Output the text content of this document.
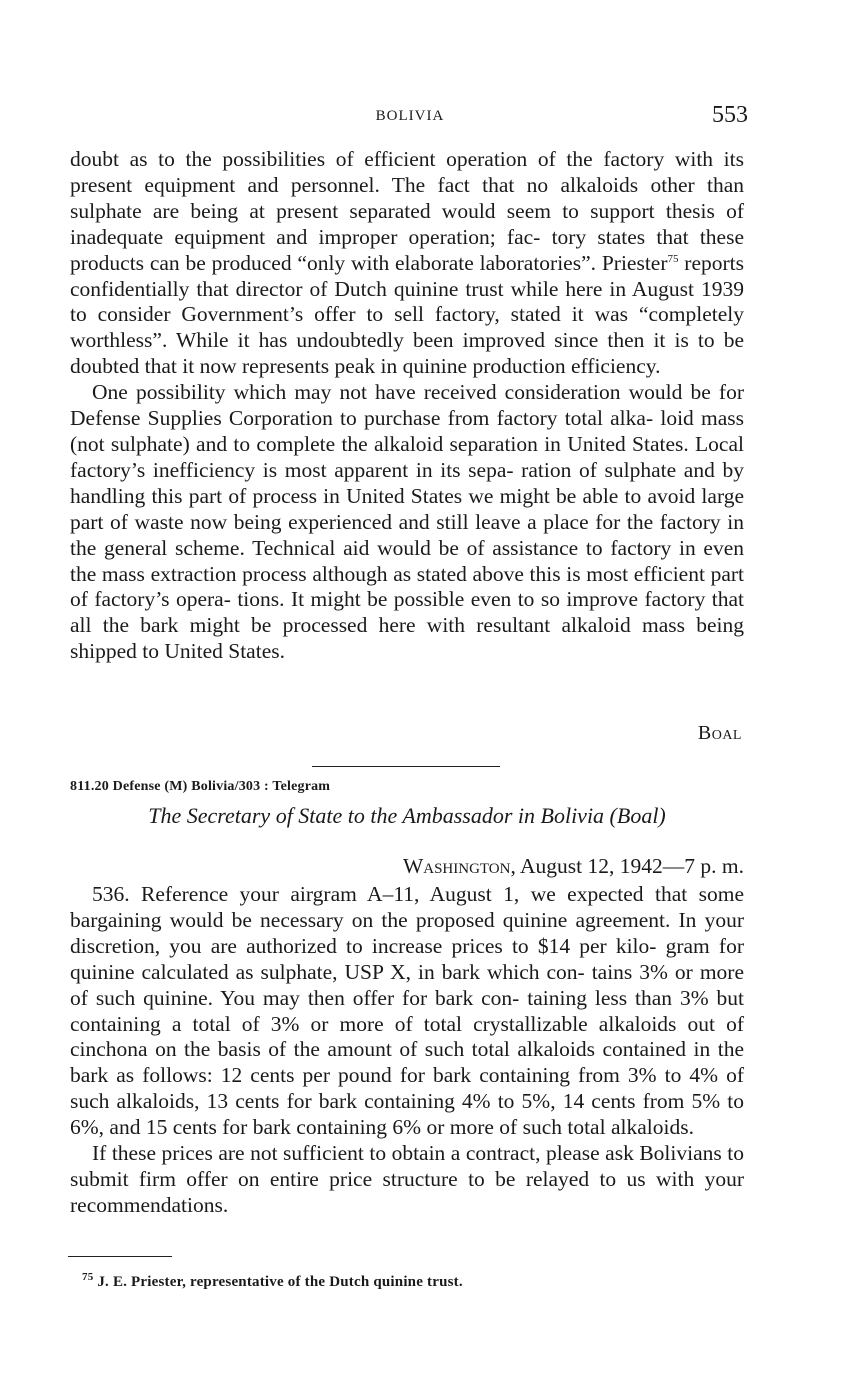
BOLIVIA	553

doubt as to the possibilities of efficient operation of the factory with its present equipment and personnel. The fact that no alkaloids other than sulphate are being at present separated would seem to support thesis of inadequate equipment and improper operation; fac- tory states that these products can be produced “only with elaborate laboratories”. Priester$^{75}$ reports confidentially that director of Dutch quinine trust while here in August 1939 to consider Government’s offer to sell factory, stated it was “completely worthless”. While it has undoubtedly been improved since then it is to be doubted that it now represents peak in quinine production efficiency.

One possibility which may not have received consideration would be for Defense Supplies Corporation to purchase from factory total alka- loid mass (not sulphate) and to complete the alkaloid separation in United States. Local factory’s inefficiency is most apparent in its sepa- ration of sulphate and by handling this part of process in United States we might be able to avoid large part of waste now being experienced and still leave a place for the factory in the general scheme. Technical aid would be of assistance to factory in even the mass extraction process although as stated above this is most efficient part of factory’s opera- tions. It might be possible even to so improve factory that all the bark might be processed here with resultant alkaloid mass being shipped to United States.

Boal
811.20 Defense (M) Bolivia/303 : Telegram
The Secretary of State to the Ambassador in Bolivia (Boal)
Washington, August 12, 1942—7 p. m.

536. Reference your airgram A–11, August 1, we expected that some bargaining would be necessary on the proposed quinine agreement. In your discretion, you are authorized to increase prices to $14 per kilo- gram for quinine calculated as sulphate, USP X, in bark which con- tains 3% or more of such quinine. You may then offer for bark con- taining less than 3% but containing a total of 3% or more of total crystallizable alkaloids out of cinchona on the basis of the amount of such total alkaloids contained in the bark as follows: 12 cents per pound for bark containing from 3% to 4% of such alkaloids, 13 cents for bark containing 4% to 5%, 14 cents from 5% to 6%, and 15 cents for bark containing 6% or more of such total alkaloids.

If these prices are not sufficient to obtain a contract, please ask Bolivians to submit firm offer on entire price structure to be relayed to us with your recommendations.

$^{75}$ J. E. Priester, representative of the Dutch quinine trust.
